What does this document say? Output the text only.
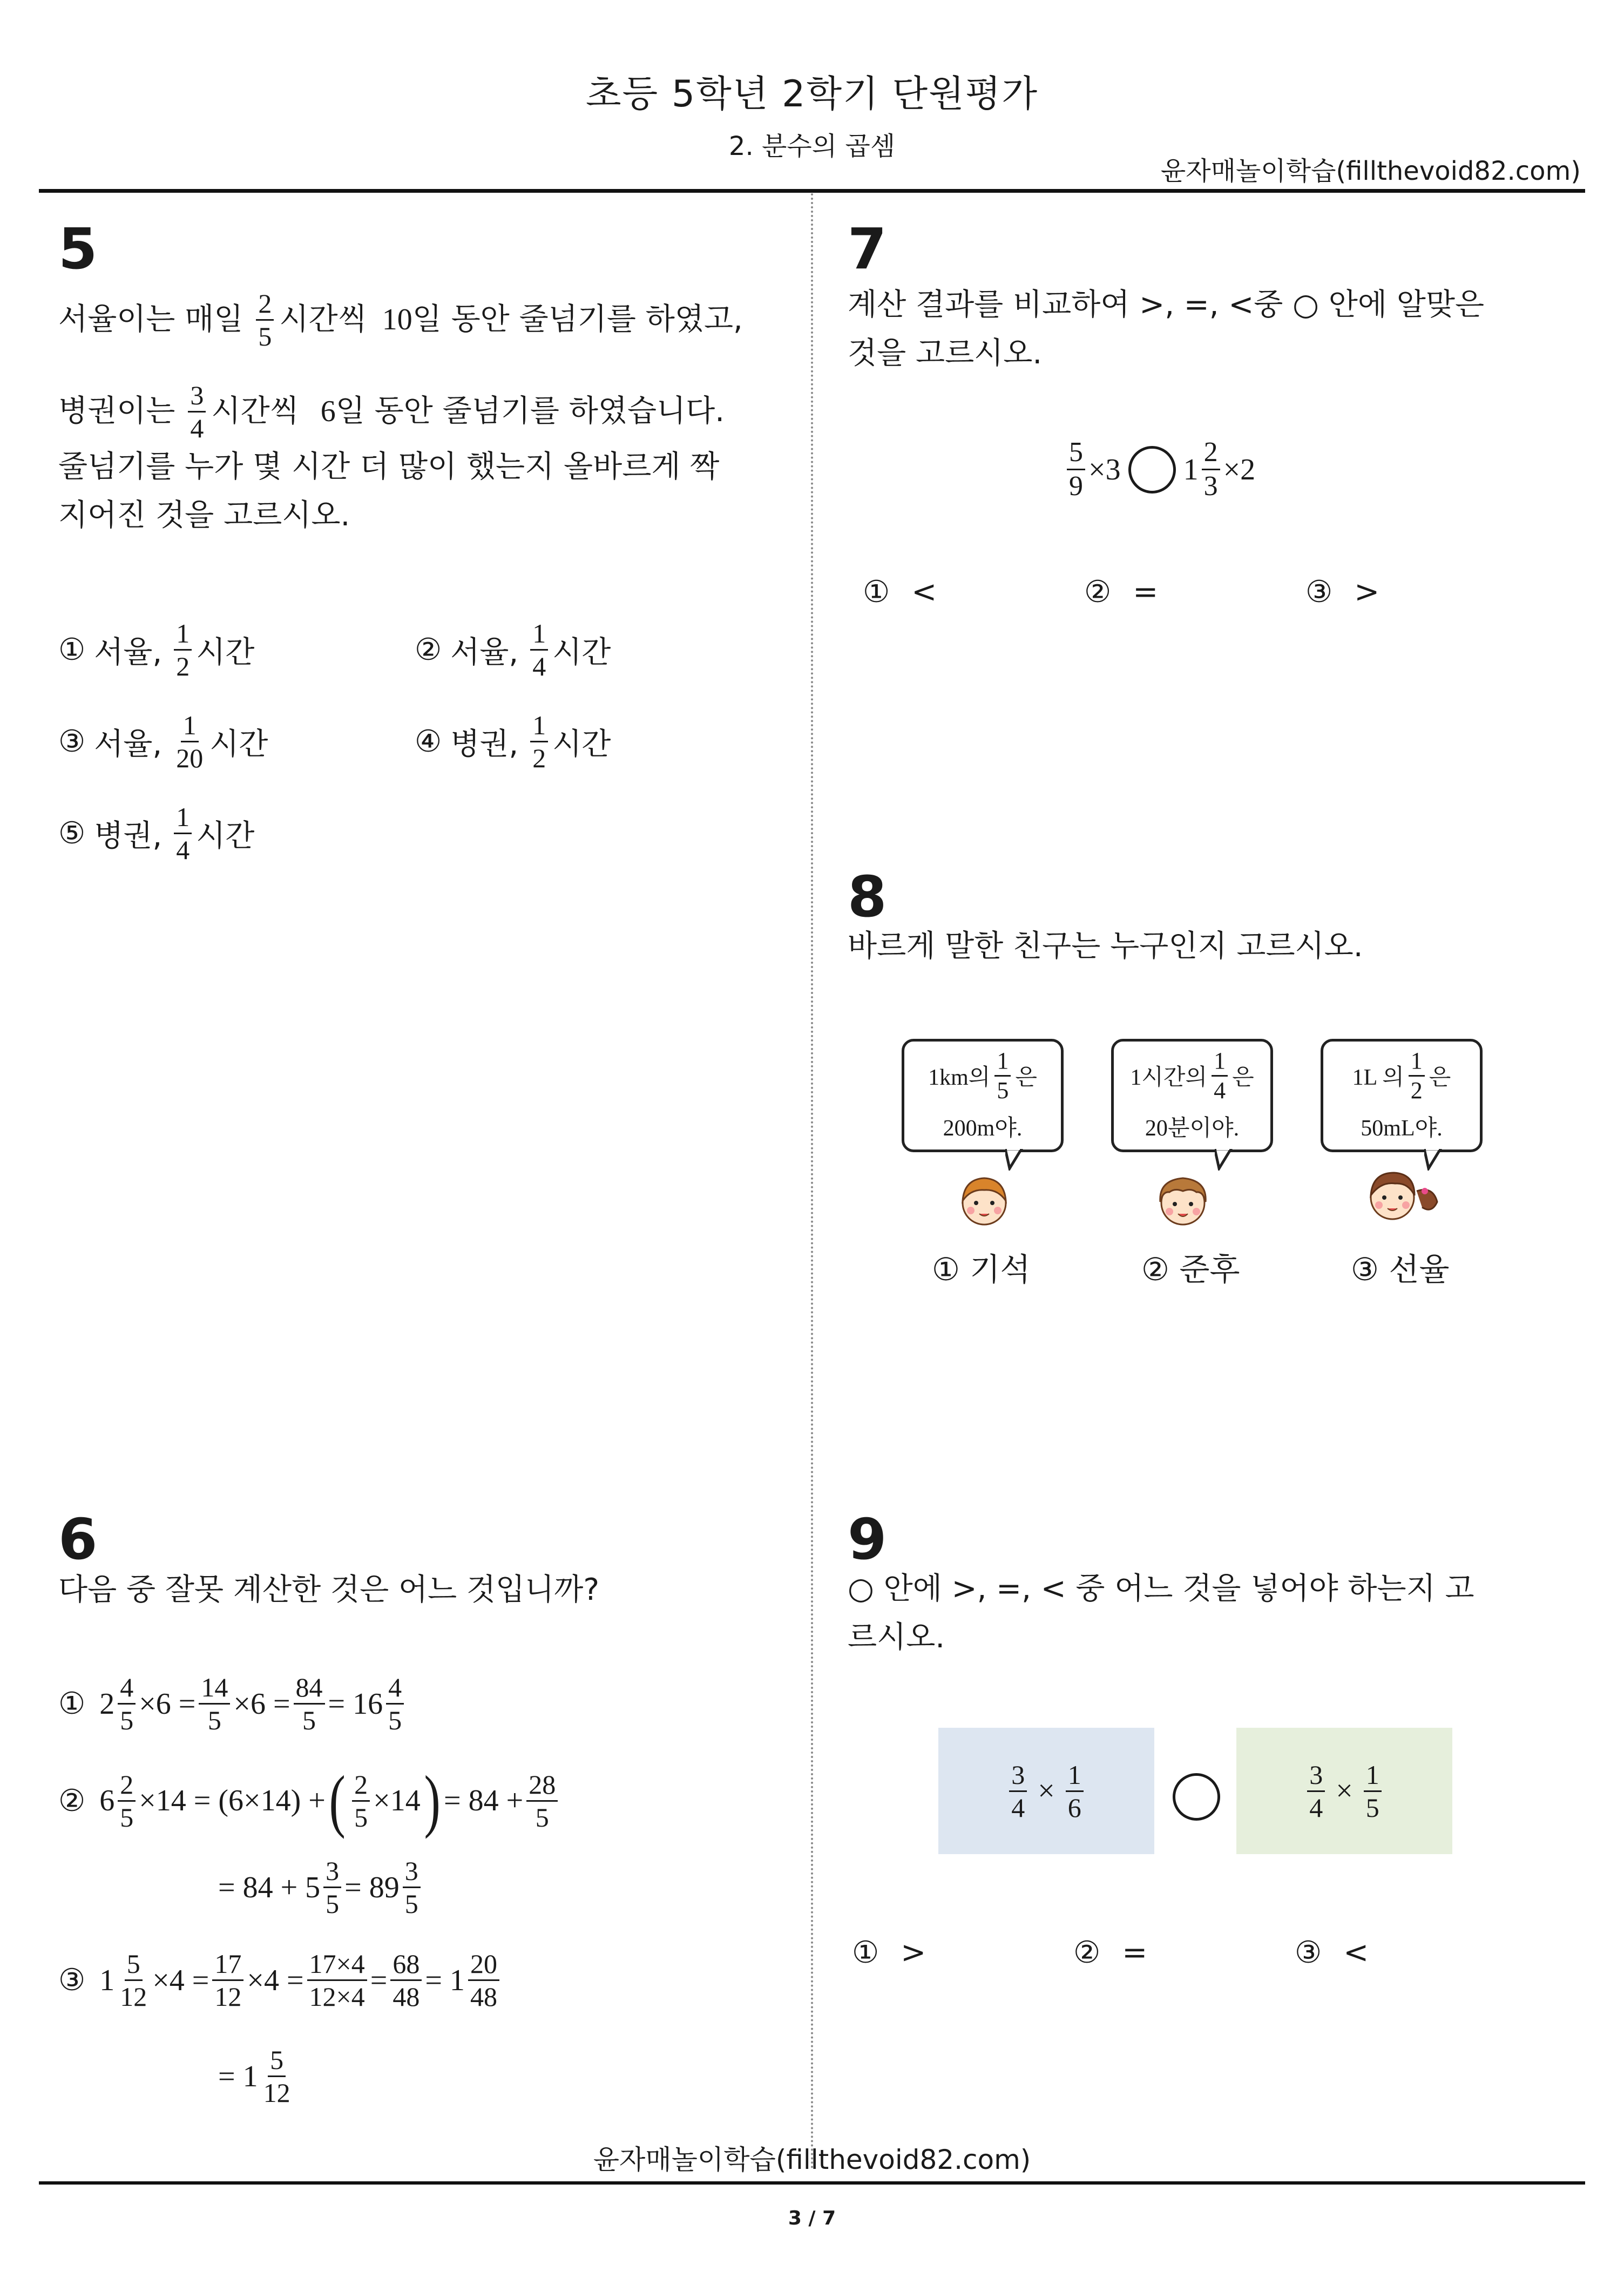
초등 5학년 2학기 단원평가
2. 분수의 곱셈
윤자매놀이학습(fillthevoid82.com)
5
서율이는 매일 $\frac{2}{5}$ 시간씩 10 일 동안 줄넘기를 하였고,
병권이는 $\frac{3}{4}$ 시간씩 6 일 동안 줄넘기를 하였습니다.
줄넘기를 누가 몇 시간 더 많이 했는지 올바르게 짝
지어진 것을 고르시오.
① 서율, $\frac{1}{2}$ 시간	② 서율, $\frac{1}{4}$ 시간
③ 서율, $\frac{1}{20}$ 시간	④ 병권, $\frac{1}{2}$ 시간
⑤ 병권, $\frac{1}{4}$ 시간
6
다음 중 잘못 계산한 것은 어느 것입니까?
① $2 \frac{4}{5} \times 6 = \frac{14}{5} \times 6 = \frac{84}{5} = 16 \frac{4}{5}$
② $6 \frac{2}{5} \times 14 = (6\times 14)$ + ( $\frac{2}{5} \times 14$ ) = $84 + \frac{28}{5}$
= $84 + 5 \frac{3}{5} = 89 \frac{3}{5}$
③ $1 \frac{5}{12} \times 4 = \frac{17}{12} \times 4 = \frac{17\times 4}{12\times 4} = \frac{68}{48} = 1 \frac{20}{48}$
= $1 \frac{5}{12}$
7
계산 결과를 비교하여 >, =, <중 ○ 안에 알맞은
것을 고르시오.
$\frac{5}{9} \times 3$ $1 \frac{2}{3} \times 2$
① <	② =	③ >
8
바르게 말한 친구는 누구인지 고르시오.
1km의 $\frac{1}{5}$ 은
200m야.
1시간의 $\frac{1}{4}$ 은
20분이야.
1L 의 $\frac{1}{2}$ 은
50mL야.
① 기석	② 준후	③ 선율
9
○ 안에 >, =, < 중 어느 것을 넣어야 하는지 고
르시오.
$\frac{3}{4} \times \frac{1}{6}$	$\frac{3}{4} \times \frac{1}{5}$
① >	② =	③ <
윤자매놀이학습(fillthevoid82.com)
3 / 7
